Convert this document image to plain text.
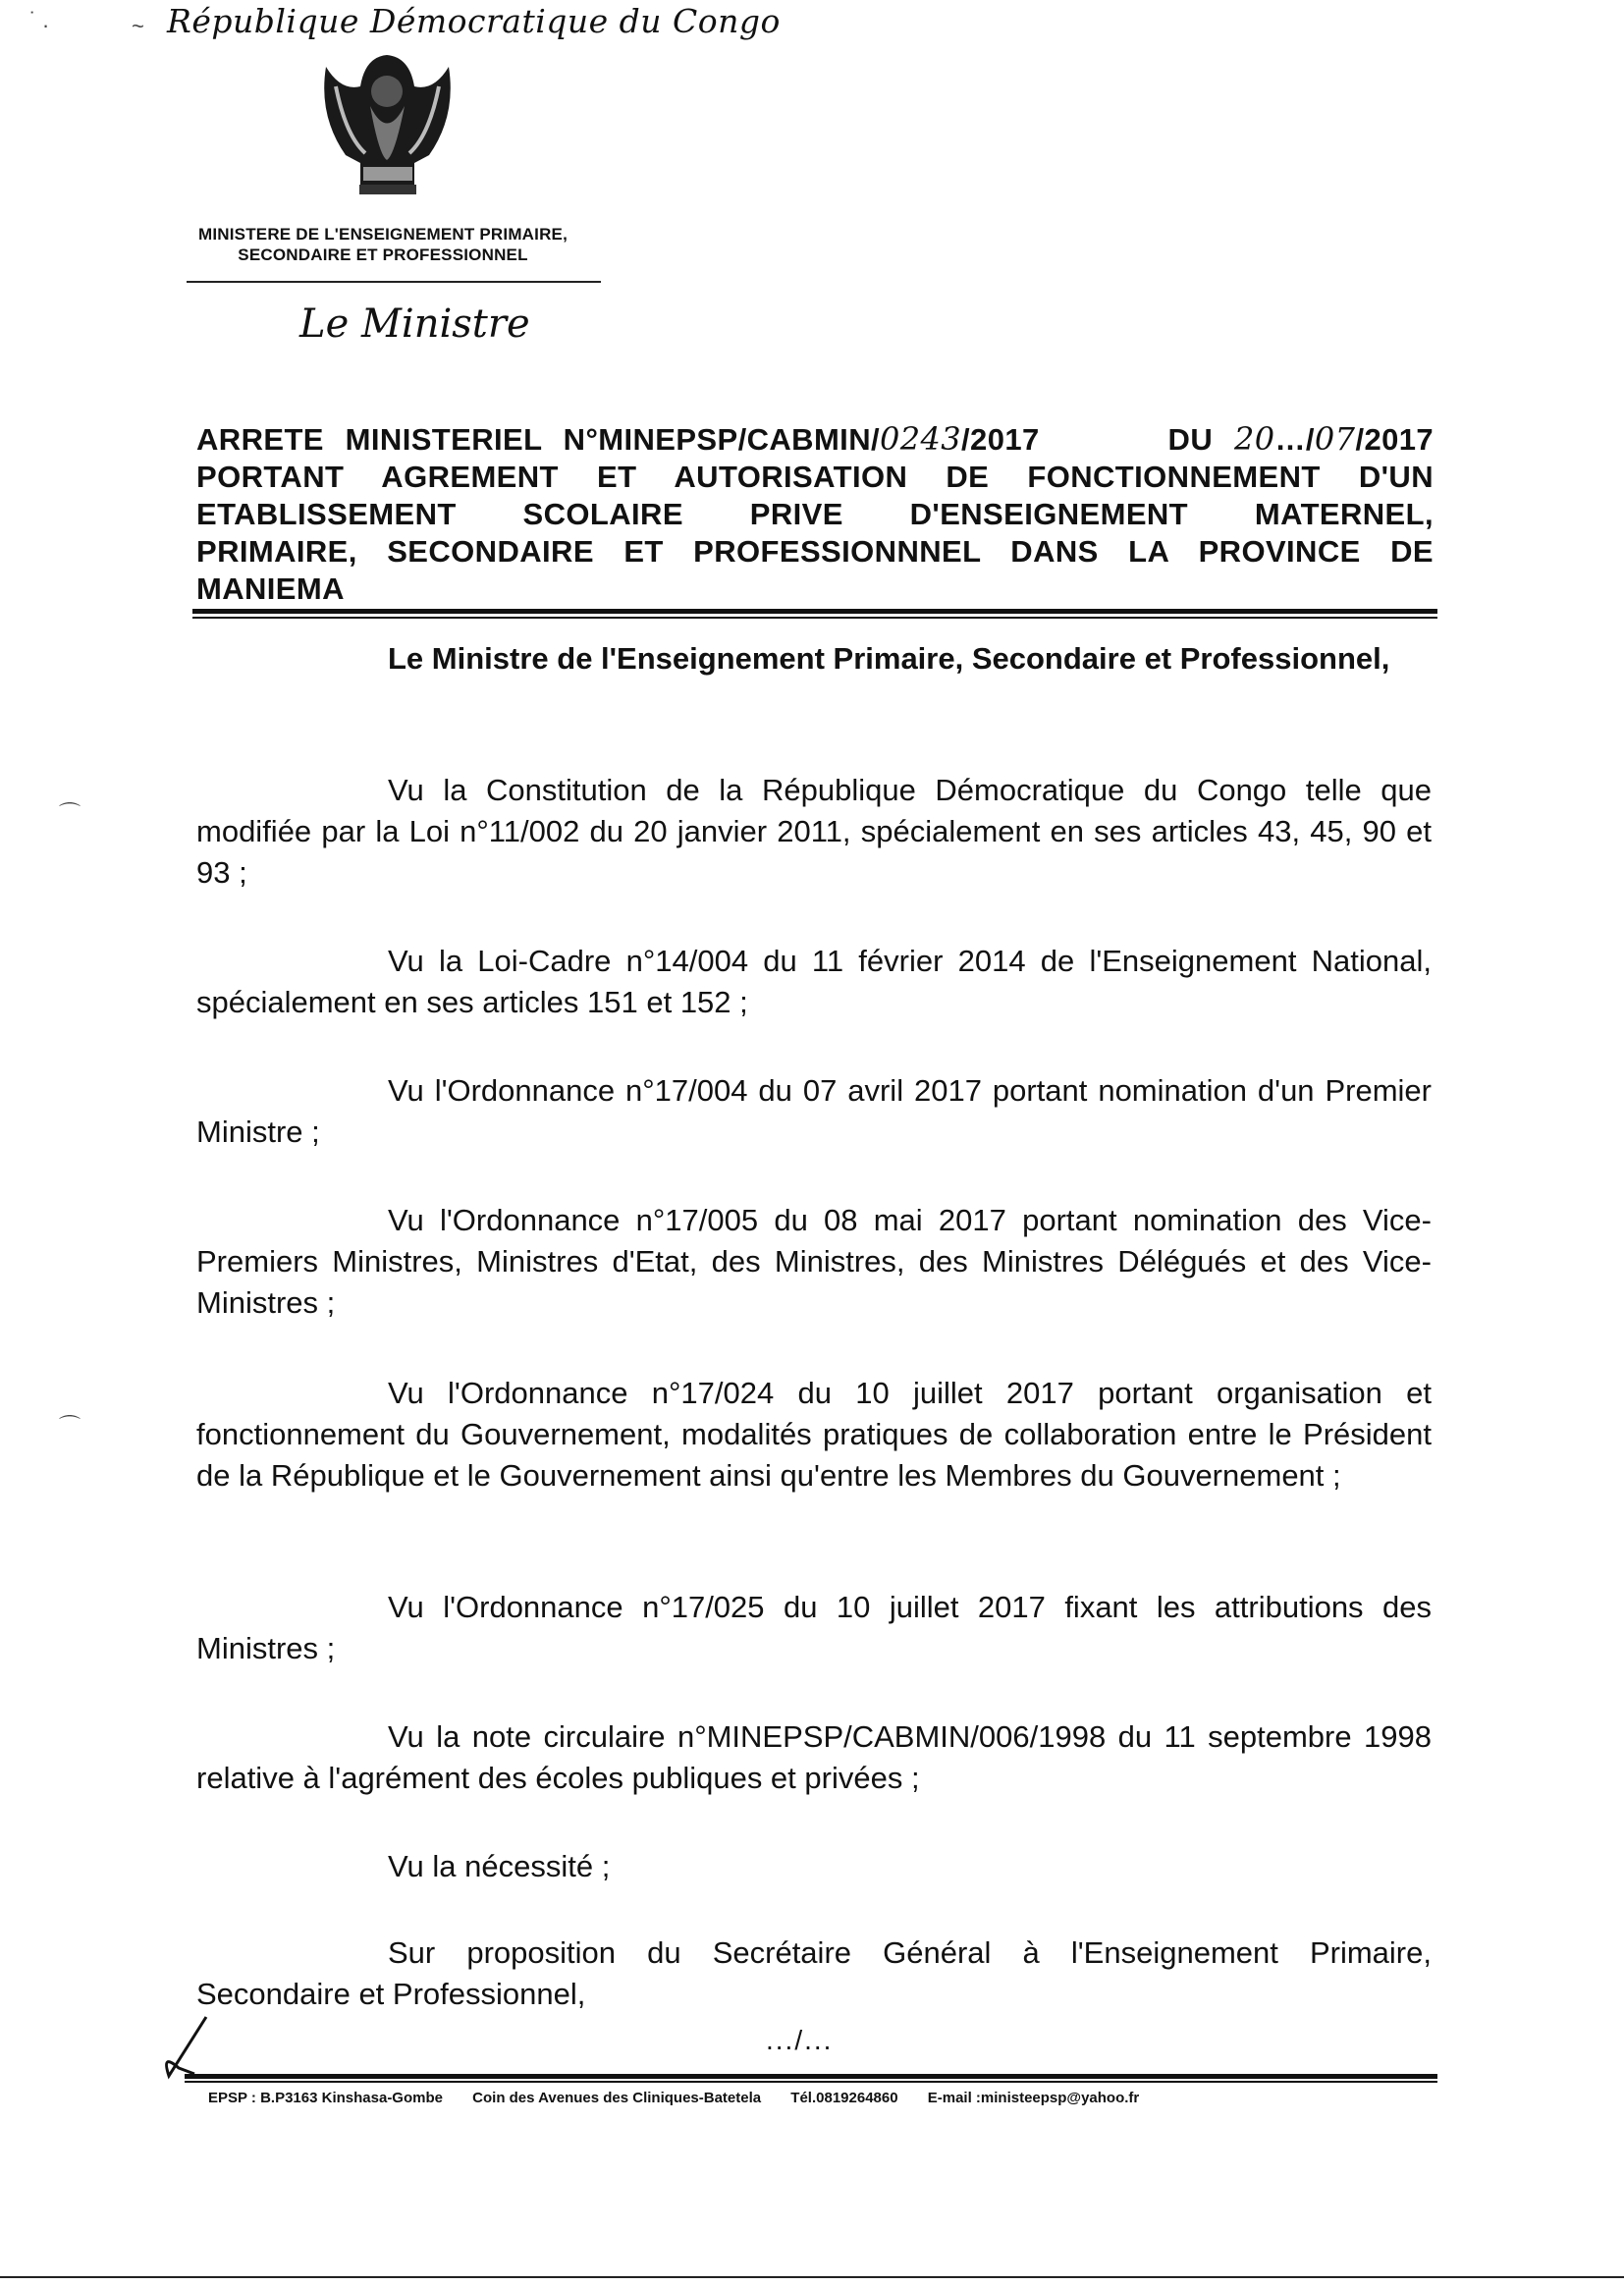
˙ .	~ République Démocratique du Congo
MINISTERE DE L'ENSEIGNEMENT PRIMAIRE,
SECONDAIRE ET PROFESSIONNEL
Le Ministre
ARRETE MINISTERIEL N°MINEPSP/CABMIN/0243/2017	DU 20…/07/2017
PORTANT AGREMENT ET AUTORISATION DE FONCTIONNEMENT D'UN
ETABLISSEMENT SCOLAIRE PRIVE D'ENSEIGNEMENT MATERNEL,
PRIMAIRE, SECONDAIRE ET PROFESSIONNNEL DANS LA PROVINCE DE
MANIEMA

Le Ministre de l'Enseignement Primaire, Secondaire et Professionnel,

Vu la Constitution de la République Démocratique du Congo telle que modifiée par la Loi n°11/002 du 20 janvier 2011, spécialement en ses articles 43, 45, 90 et 93 ;

⌒

Vu la Loi-Cadre n°14/004 du 11 février 2014 de l'Enseignement National, spécialement en ses articles 151 et 152 ;

Vu l'Ordonnance n°17/004 du 07 avril 2017 portant nomination d'un Premier Ministre ;

Vu l'Ordonnance n°17/005 du 08 mai 2017 portant nomination des Vice-Premiers Ministres, Ministres d'Etat, des Ministres, des Ministres Délégués et des Vice-Ministres ;

Vu l'Ordonnance n°17/024 du 10 juillet 2017 portant organisation et fonctionnement du Gouvernement, modalités pratiques de collaboration entre le Président de la République et le Gouvernement ainsi qu'entre les Membres du Gouvernement ;

⌒

Vu l'Ordonnance n°17/025 du 10 juillet 2017 fixant les attributions des Ministres ;

Vu la note circulaire n°MINEPSP/CABMIN/006/1998 du 11 septembre 1998 relative à l'agrément des écoles publiques et privées ;

Vu la nécessité ;

Sur proposition du Secrétaire Général à l'Enseignement Primaire, Secondaire et Professionnel,

.../...
EPSP : B.P3163 Kinshasa-Gombe Coin des Avenues des Cliniques-Batetela Tél.0819264860 E-mail :ministeepsp@yahoo.fr
